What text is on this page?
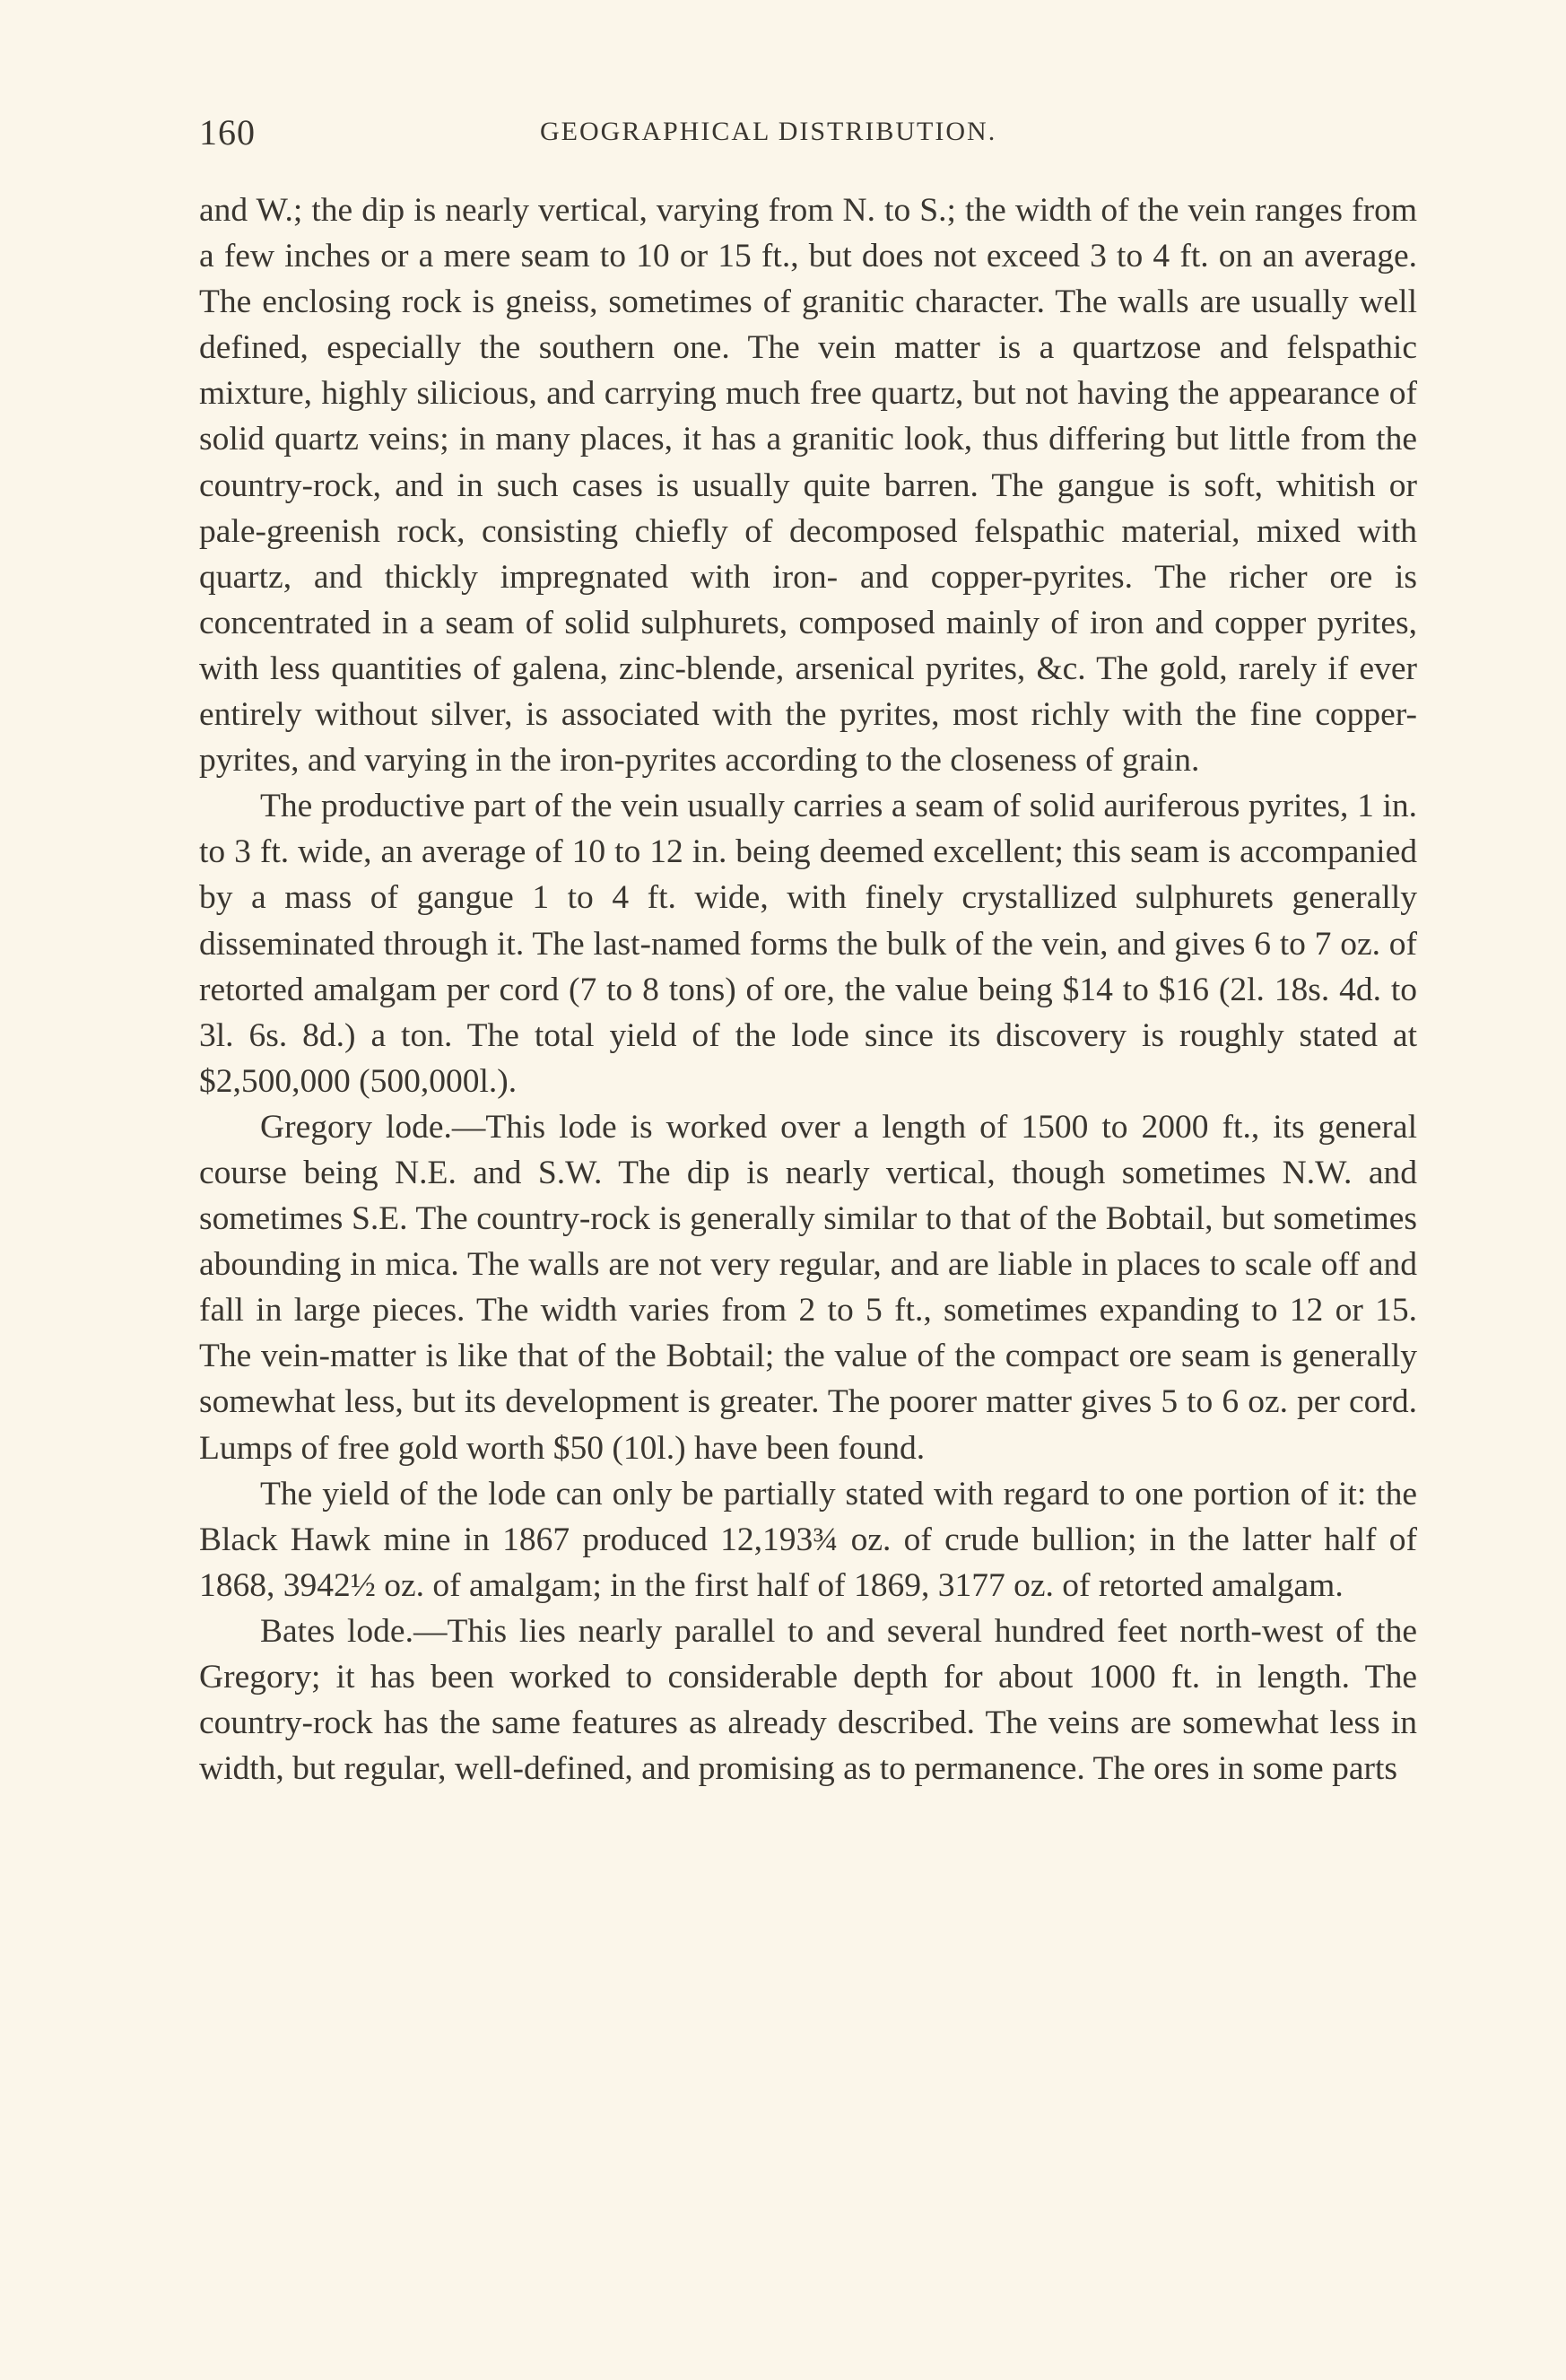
160	GEOGRAPHICAL DISTRIBUTION.

and W.; the dip is nearly vertical, varying from N. to S.; the width of the vein ranges from a few inches or a mere seam to 10 or 15 ft., but does not exceed 3 to 4 ft. on an average. The enclosing rock is gneiss, sometimes of granitic character. The walls are usually well defined, especially the southern one. The vein matter is a quartzose and felspathic mixture, highly silicious, and carrying much free quartz, but not having the appearance of solid quartz veins; in many places, it has a granitic look, thus differing but little from the country-rock, and in such cases is usually quite barren. The gangue is soft, whitish or pale-greenish rock, consisting chiefly of decomposed felspathic material, mixed with quartz, and thickly impregnated with iron- and copper-pyrites. The richer ore is concentrated in a seam of solid sulphurets, composed mainly of iron and copper pyrites, with less quantities of galena, zinc-blende, arsenical pyrites, &c. The gold, rarely if ever entirely without silver, is associated with the pyrites, most richly with the fine copper-pyrites, and varying in the iron-pyrites according to the closeness of grain.

The productive part of the vein usually carries a seam of solid auriferous pyrites, 1 in. to 3 ft. wide, an average of 10 to 12 in. being deemed excellent; this seam is accompanied by a mass of gangue 1 to 4 ft. wide, with finely crystallized sulphurets generally disseminated through it. The last-named forms the bulk of the vein, and gives 6 to 7 oz. of retorted amalgam per cord (7 to 8 tons) of ore, the value being $14 to $16 (2l. 18s. 4d. to 3l. 6s. 8d.) a ton. The total yield of the lode since its discovery is roughly stated at $2,500,000 (500,000l.).

Gregory lode.—This lode is worked over a length of 1500 to 2000 ft., its general course being N.E. and S.W. The dip is nearly vertical, though sometimes N.W. and sometimes S.E. The country-rock is generally similar to that of the Bobtail, but sometimes abounding in mica. The walls are not very regular, and are liable in places to scale off and fall in large pieces. The width varies from 2 to 5 ft., sometimes expanding to 12 or 15. The vein-matter is like that of the Bobtail; the value of the compact ore seam is generally somewhat less, but its development is greater. The poorer matter gives 5 to 6 oz. per cord. Lumps of free gold worth $50 (10l.) have been found.

The yield of the lode can only be partially stated with regard to one portion of it: the Black Hawk mine in 1867 produced 12,193¾ oz. of crude bullion; in the latter half of 1868, 3942½ oz. of amalgam; in the first half of 1869, 3177 oz. of retorted amalgam.

Bates lode.—This lies nearly parallel to and several hundred feet north-west of the Gregory; it has been worked to considerable depth for about 1000 ft. in length. The country-rock has the same features as already described. The veins are somewhat less in width, but regular, well-defined, and promising as to permanence. The ores in some parts
